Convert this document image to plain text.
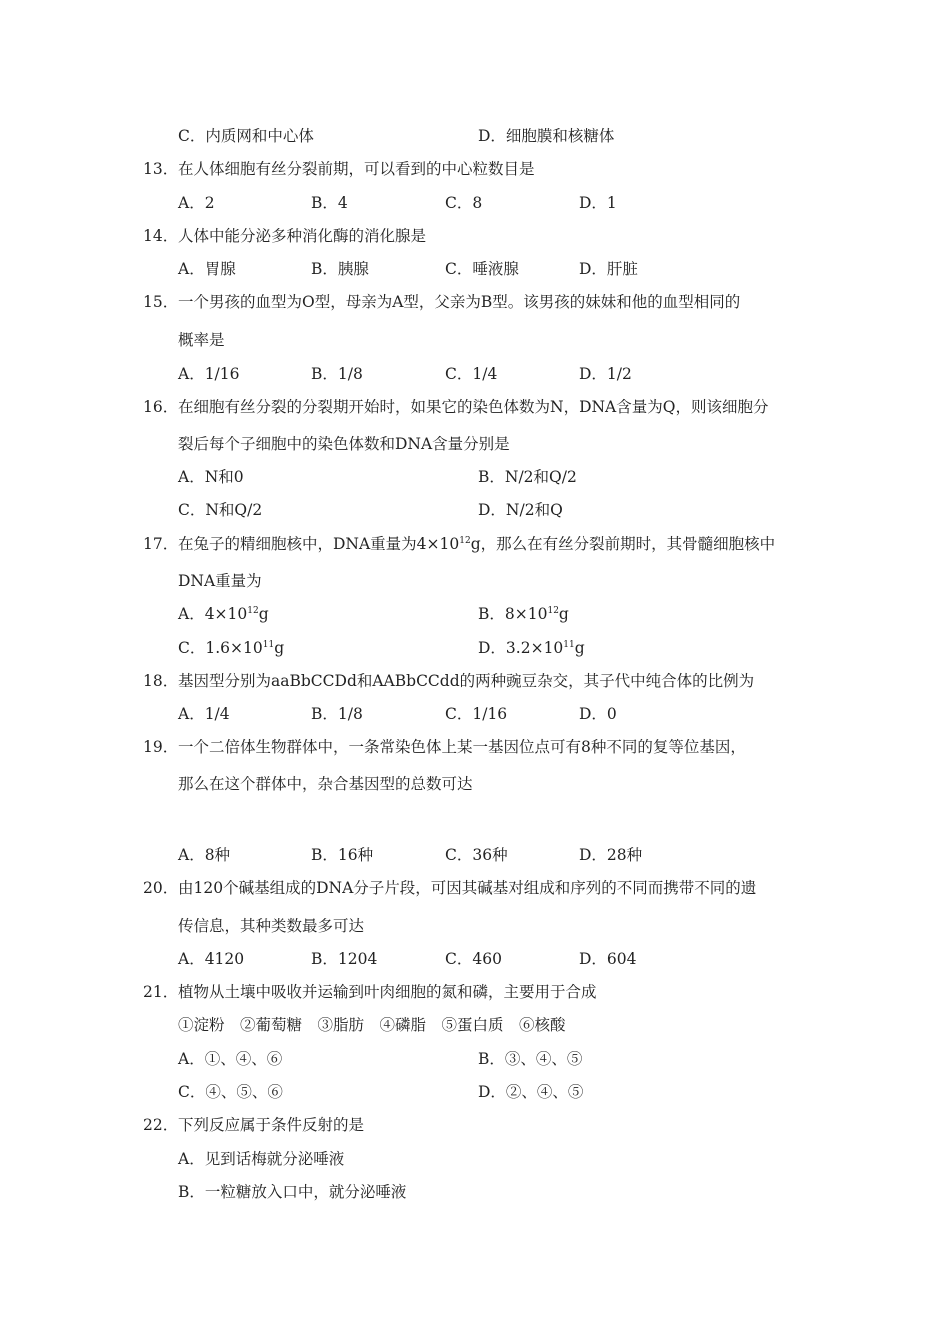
C．内质网和中心体	D．细胞膜和核糖体
13． 在人体细胞有丝分裂前期，可以看到的中心粒数目是
A．2	B．4	C．8	D．1
14． 人体中能分泌多种消化酶的消化腺是
A．胃腺	B．胰腺	C．唾液腺	D．肝脏
15． 一个男孩的血型为O型，母亲为A型，父亲为B型。该男孩的妹妹和他的血型相同的
概率是
A．1/16	B．1/8	C．1/4	D．1/2
16． 在细胞有丝分裂的分裂期开始时，如果它的染色体数为N，DNA含量为Q，则该细胞分
裂后每个子细胞中的染色体数和DNA含量分别是
A．N和0	B．N/2和Q/2
C．N和Q/2	D．N/2和Q
17． 在兔子的精细胞核中，DNA重量为$4\times 10^{12}g$，那么在有丝分裂前期时，其骨髓细胞核中
DNA重量为
A．$4\times 10^{12}g$	B．$8\times 10^{12}g$
C．$1.6\times 10^{11}g$	D．$3.2\times 10^{11}g$
18． 基因型分别为aaBbCCDd和AABbCCdd的两种豌豆杂交，其子代中纯合体的比例为
A．1/4	B．1/8	C．1/16	D．0
19． 一个二倍体生物群体中，一条常染色体上某一基因位点可有8种不同的复等位基因，
那么在这个群体中，杂合基因型的总数可达
A．8种	B．16种	C．36种	D．28种
20． 由120个碱基组成的DNA分子片段，可因其碱基对组成和序列的不同而携带不同的遗
传信息，其种类数最多可达
A．4120	B．1204	C．460	D．604
21． 植物从土壤中吸收并运输到叶肉细胞的氮和磷，主要用于合成
①淀粉　②葡萄糖　③脂肪　④磷脂　⑤蛋白质　⑥核酸
A．①、④、⑥	B．③、④、⑤
C．④、⑤、⑥	D．②、④、⑤
22． 下列反应属于条件反射的是
A．见到话梅就分泌唾液
B．一粒糖放入口中，就分泌唾液
